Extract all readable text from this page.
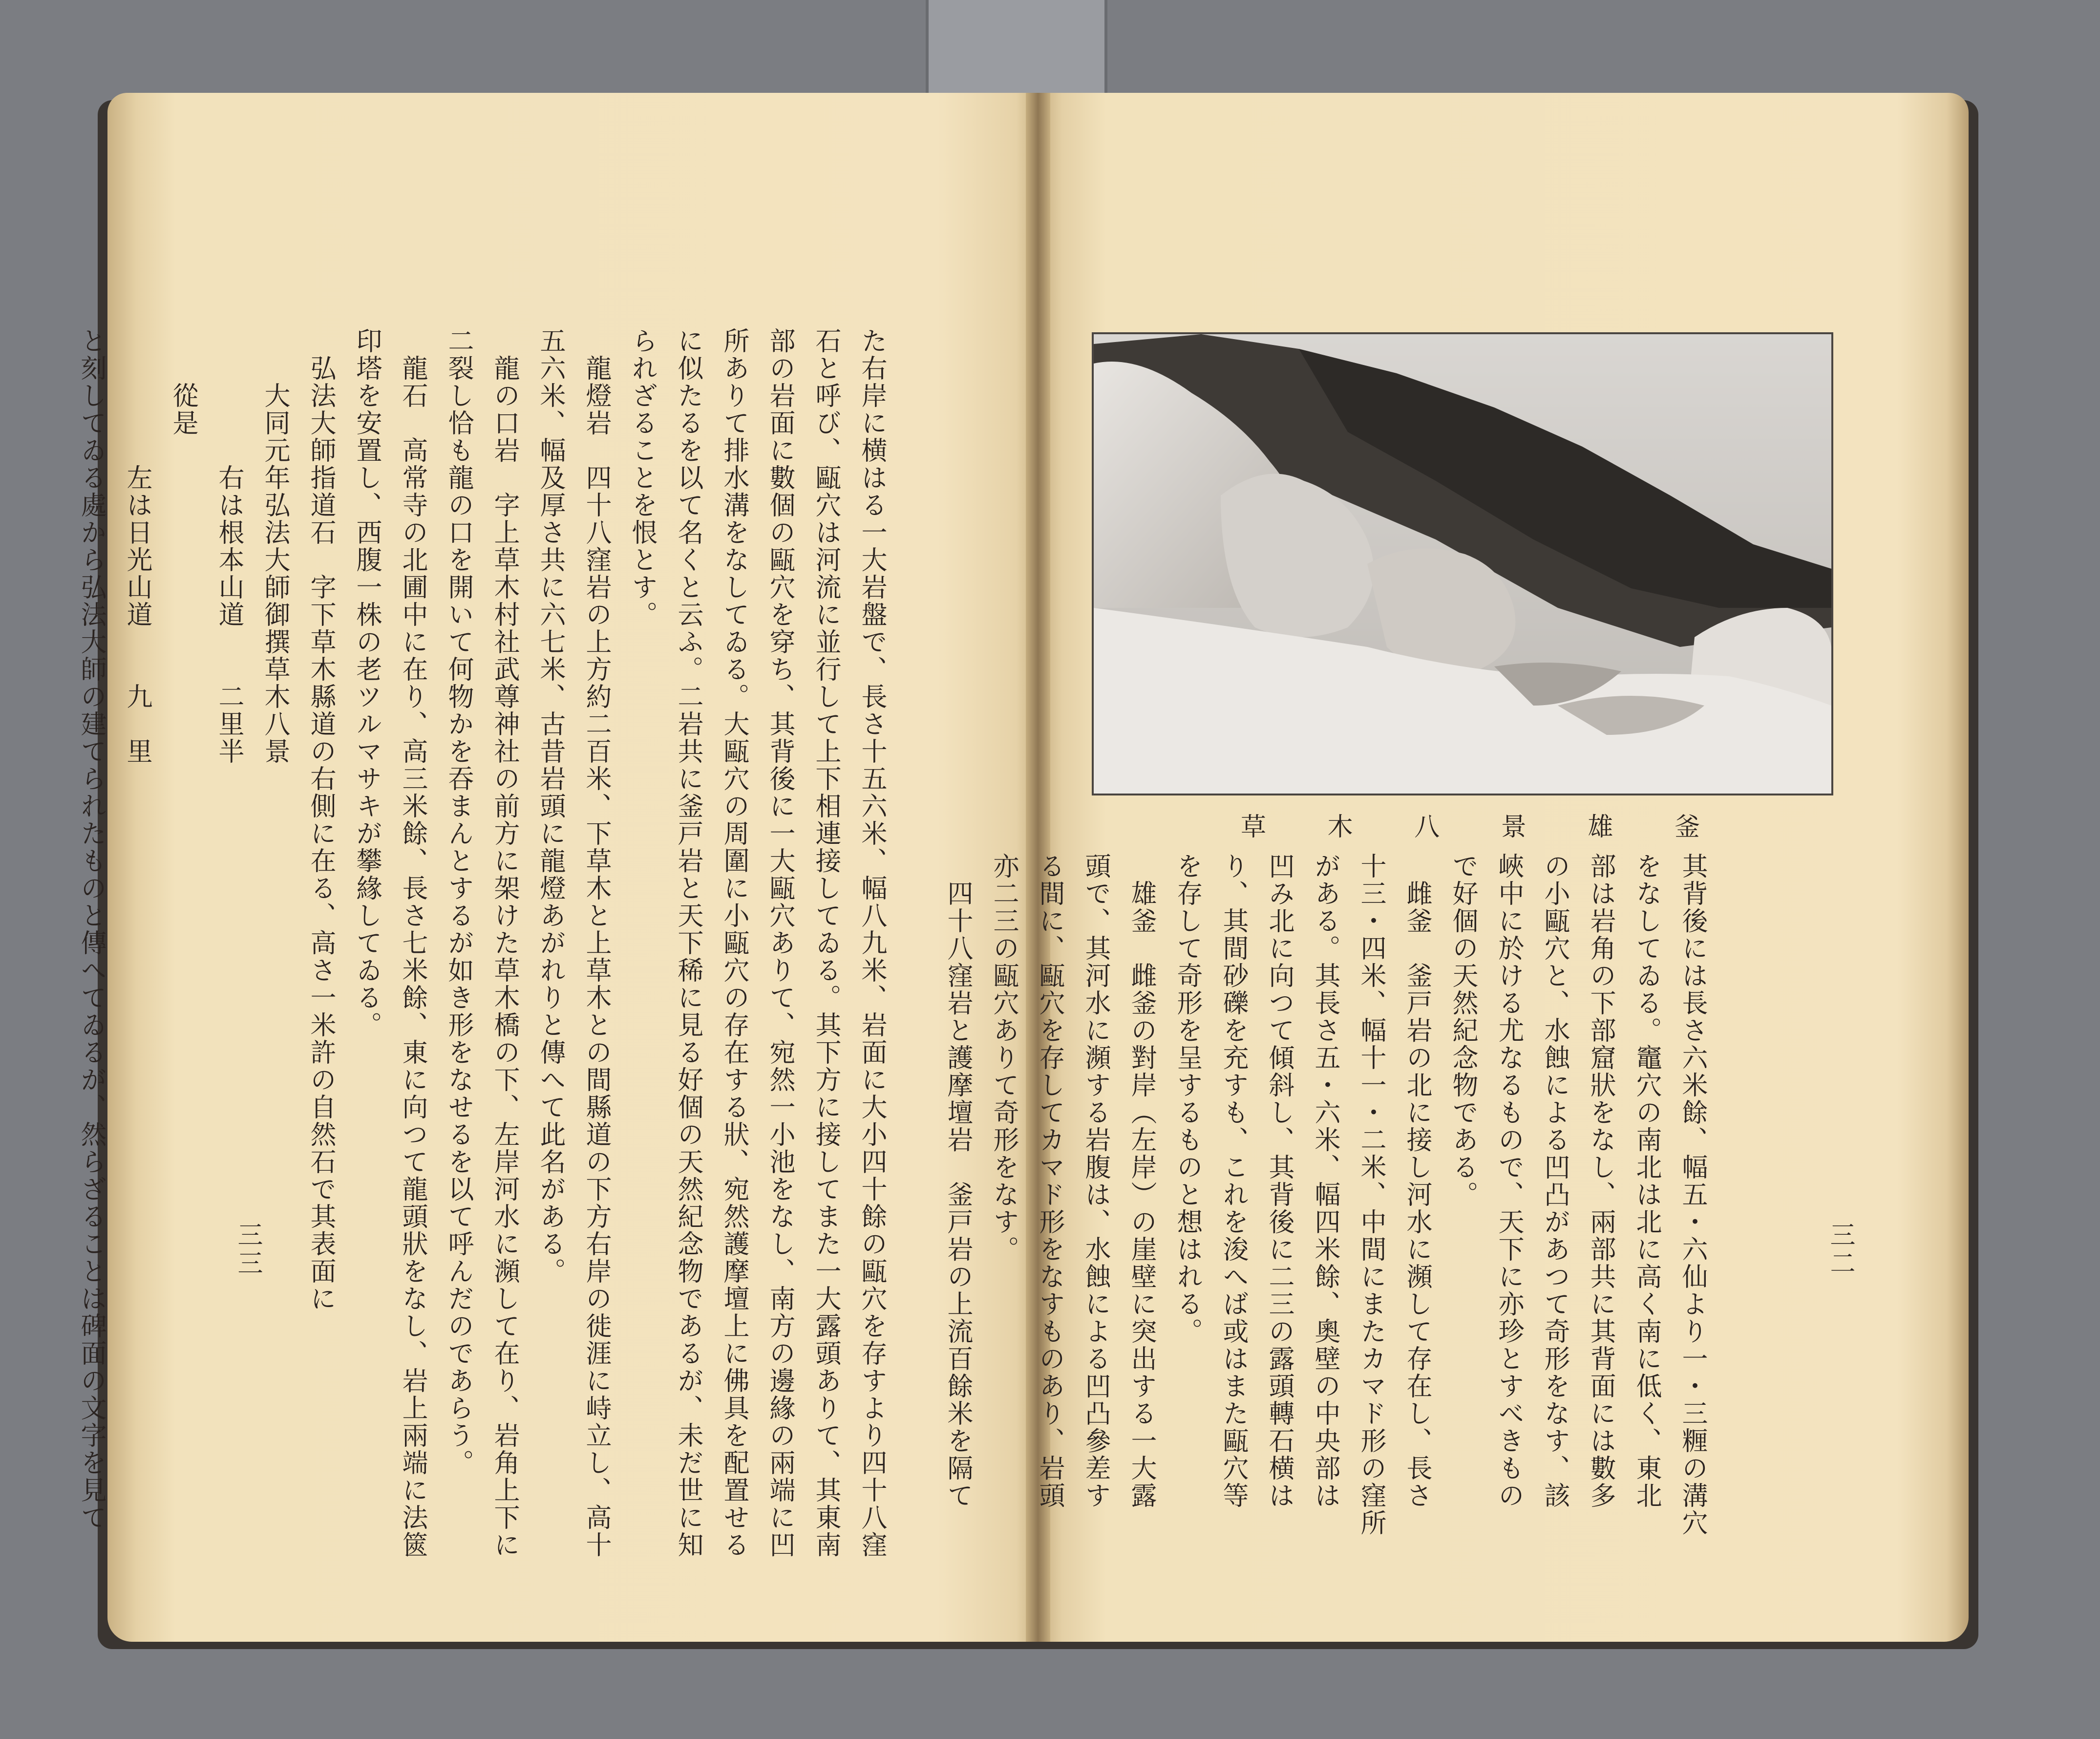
た右岸に横はる一大岩盤で、長さ十五六米、幅八九米、岩面に大小四十餘の甌穴を存すより四十八窪
石と呼び、甌穴は河流に並行して上下相連接してゐる。其下方に接してまた一大露頭ありて、其東南
部の岩面に數個の甌穴を穿ち、其背後に一大甌穴ありて、宛然一小池をなし、南方の邊緣の兩端に凹
所ありて排水溝をなしてゐる。大甌穴の周圍に小甌穴の存在する狀、宛然護摩壇上に佛具を配置せる
に似たるを以て名くと云ふ。二岩共に釜戸岩と天下稀に見る好個の天然紀念物であるが、未だ世に知
られざることを恨とす。
　龍燈岩　四十八窪岩の上方約二百米、下草木と上草木との間縣道の下方右岸の徙涯に峙立し、高十
五六米、幅及厚さ共に六七米、古昔岩頭に龍燈あがれりと傳へて此名がある。
　龍の口岩　字上草木村社武尊神社の前方に架けた草木橋の下、左岸河水に瀕して在り、岩角上下に
二裂し恰も龍の口を開いて何物かを吞まんとするが如き形をなせるを以て呼んだのであらう。
　龍石　高常寺の北圃中に在り、高三米餘、長さ七米餘、東に向つて龍頭狀をなし、岩上兩端に法篋
印塔を安置し、西腹一株の老ツルマサキが攀緣してゐる。
　弘法大師指道石　字下草木縣道の右側に在る、高さ一米許の自然石で其表面に
　　大同元年弘法大師御撰草木八景
　　　　　右は根本山道　　二里半
　　從是
　　　　　左は日光山道　　九　里
と刻してゐる處から弘法大師の建てられたものと傳へてゐるが、然らざることは碑面の文字を見て	三三
草 木 八 景 雄 釜

其背後には長さ六米餘、幅五・六仙より一・三糎の溝穴
をなしてゐる。竈穴の南北は北に高く南に低く、東北
部は岩角の下部窟狀をなし、兩部共に其背面には數多
の小甌穴と、水蝕による凹凸があつて奇形をなす、該
峽中に於ける尤なるもので、天下に亦珍とすべきもの
で好個の天然紀念物である。
　雌釜　釜戸岩の北に接し河水に瀕して存在し、長さ
十三・四米、幅十一・二米、中間にまたカマド形の窪所
がある。其長さ五・六米、幅四米餘、奧壁の中央部は
凹み北に向つて傾斜し、其背後に二三の露頭轉石横は
り、其間砂礫を充すも、これを浚へば或はまた甌穴等
を存して奇形を呈するものと想はれる。
　雄釜　雌釜の對岸（左岸）の崖壁に突出する一大露
頭で、其河水に瀕する岩腹は、水蝕による凹凸參差す
る間に、甌穴を存してカマド形をなすものあり、岩頭
亦二三の甌穴ありて奇形をなす。
　四十八窪岩と護摩壇岩　釜戸岩の上流百餘米を隔て	三二
